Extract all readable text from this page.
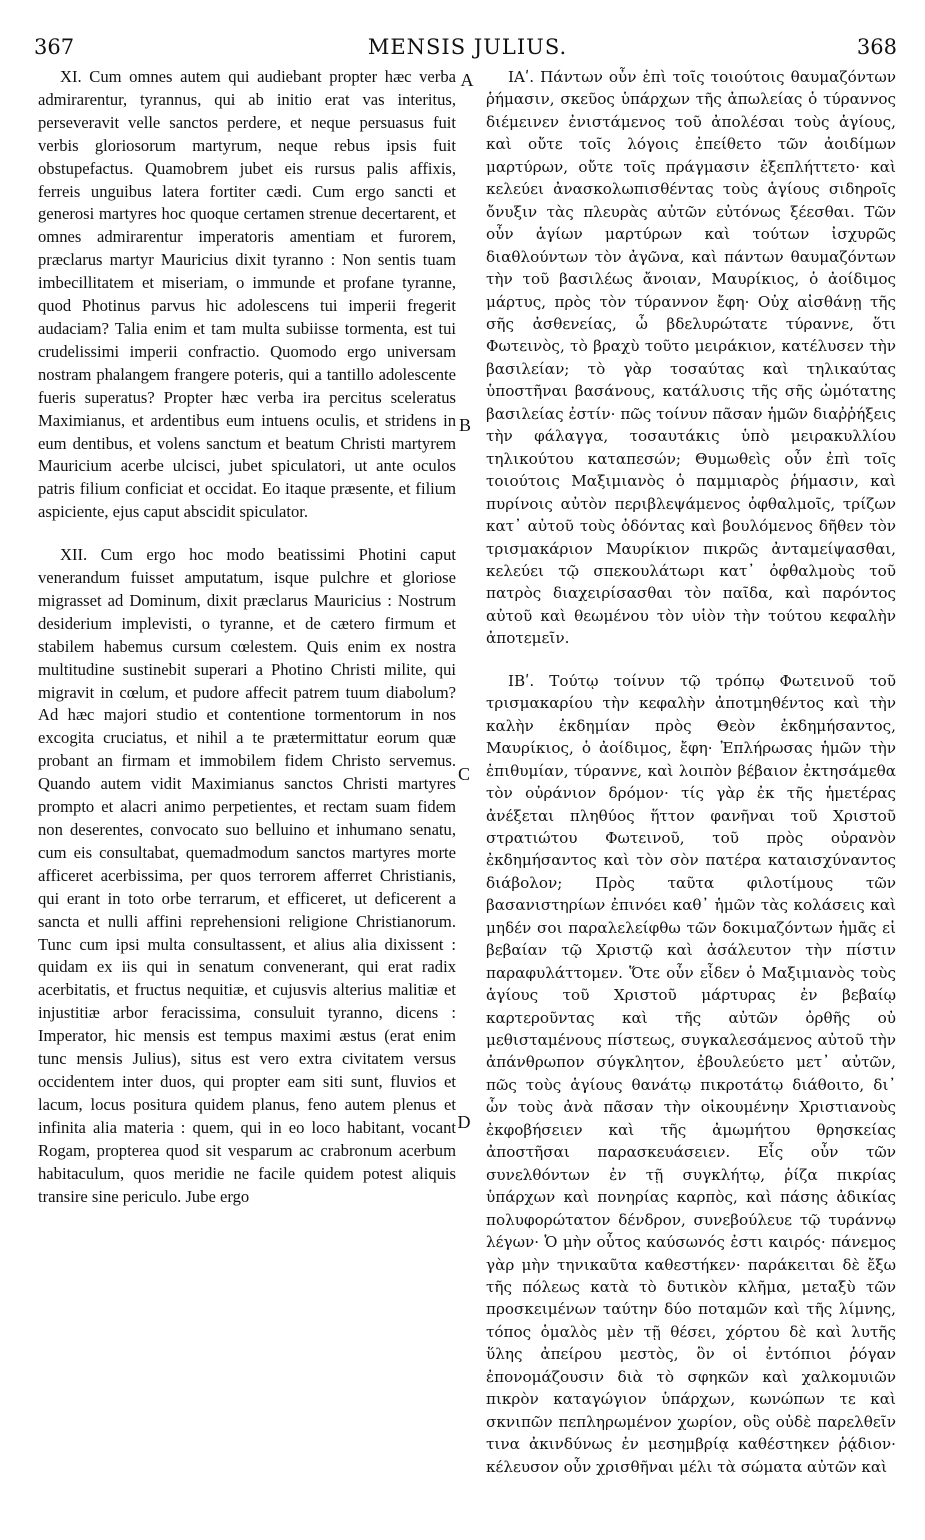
367	MENSIS JULIUS.	368

XI. Cum omnes autem qui audiebant propter hæc verba admirarentur, tyrannus, qui ab initio erat vas interitus, perseveravit velle sanctos perdere, et neque persuasus fuit verbis gloriosorum martyrum, neque rebus ipsis fuit obstupefactus. Quamobrem jubet eis rursus palis affixis, ferreis unguibus latera fortiter cædi. Cum ergo sancti et generosi martyres hoc quoque certamen strenue decertarent, et omnes admirarentur imperatoris amentiam et furorem, præclarus martyr Mauricius dixit tyranno : Non sentis tuam imbecillitatem et miseriam, o immunde et profane tyranne, quod Photinus parvus hic adolescens tui imperii fregerit audaciam? Talia enim et tam multa subiisse tormenta, est tui crudelissimi imperii confractio. Quomodo ergo universam nostram phalangem frangere poteris, qui a tantillo adolescente fueris superatus? Propter hæc verba ira percitus sceleratus Maximianus, et ardentibus eum intuens oculis, et stridens in eum dentibus, et volens sanctum et beatum Christi martyrem Mauricium acerbe ulcisci, jubet spiculatori, ut ante oculos patris filium conficiat et occidat. Eo itaque præsente, et filium aspiciente, ejus caput abscidit spiculator.

XII. Cum ergo hoc modo beatissimi Photini caput venerandum fuisset amputatum, isque pulchre et gloriose migrasset ad Dominum, dixit præclarus Mauricius : Nostrum desiderium implevisti, o tyranne, et de cætero firmum et stabilem habemus cursum cœlestem. Quis enim ex nostra multitudine sustinebit superari a Photino Christi milite, qui migravit in cœlum, et pudore affecit patrem tuum diabolum? Ad hæc majori studio et contentione tormentorum in nos excogita cruciatus, et nihil a te prætermittatur eorum quæ probant an firmam et immobilem fidem Christo servemus. Quando autem vidit Maximianus sanctos Christi martyres prompto et alacri animo perpetientes, et rectam suam fidem non deserentes, convocato suo belluino et inhumano senatu, cum eis consultabat, quemadmodum sanctos martyres morte afficeret acerbissima, per quos terrorem afferret Christianis, qui erant in toto orbe terrarum, et efficeret, ut deficerent a sancta et nulli affini reprehensioni religione Christianorum. Tunc cum ipsi multa consultassent, et alius alia dixissent : quidam ex iis qui in senatum convenerant, qui erat radix acerbitatis, et fructus nequitiæ, et cujusvis alterius malitiæ et injustitiæ arbor feracissima, consuluit tyranno, dicens : Imperator, hic mensis est tempus maximi æstus (erat enim tunc mensis Julius), situs est vero extra civitatem versus occidentem inter duos, qui propter eam siti sunt, fluvios et lacum, locus positura quidem planus, feno autem plenus et infinita alia materia : quem, qui in eo loco habitant, vocant Rogam, propterea quod sit vesparum ac crabronum acerbum habitaculum, quos meridie ne facile quidem potest aliquis transire sine periculo. Jube ergo

A
B
C
D

ΙΑʹ. Πάντων οὖν ἐπὶ τοῖς τοιούτοις θαυμαζόντων ῥήμασιν, σκεῦος ὑπάρχων τῆς ἀπωλείας ὁ τύραννος διέμεινεν ἐνιστάμενος τοῦ ἀπολέσαι τοὺς ἁγίους, καὶ οὔτε τοῖς λόγοις ἐπείθετο τῶν ἀοιδίμων μαρτύρων, οὔτε τοῖς πράγμασιν ἐξεπλήττετο· καὶ κελεύει ἀνασκολωπισθέντας τοὺς ἁγίους σιδηροῖς ὄνυξιν τὰς πλευρὰς αὐτῶν εὐτόνως ξέεσθαι. Τῶν οὖν ἁγίων μαρτύρων καὶ τούτων ἰσχυρῶς διαθλούντων τὸν ἀγῶνα, καὶ πάντων θαυμαζόντων τὴν τοῦ βασιλέως ἄνοιαν, Μαυρίκιος, ὁ ἀοίδιμος μάρτυς, πρὸς τὸν τύραννον ἔφη· Οὐχ αἰσθάνῃ τῆς σῆς ἀσθενείας, ὦ βδελυρώτατε τύραννε, ὅτι Φωτεινὸς, τὸ βραχὺ τοῦτο μειράκιον, κατέλυσεν τὴν βασιλείαν; τὸ γὰρ τοσαύτας καὶ τηλικαύτας ὑποστῆναι βασάνους, κατάλυσις τῆς σῆς ὠμότατης βασιλείας ἐστίν· πῶς τοίνυν πᾶσαν ἡμῶν διαῤῥήξεις τὴν φάλαγγα, τοσαυτάκις ὑπὸ μειρακυλλίου τηλικούτου καταπεσών; Θυμωθεὶς οὖν ἐπὶ τοῖς τοιούτοις Μαξιμιανὸς ὁ παμμιαρὸς ῥήμασιν, καὶ πυρίνοις αὐτὸν περιβλεψάμενος ὀφθαλμοῖς, τρίζων κατ᾿ αὐτοῦ τοὺς ὀδόντας καὶ βουλόμενος δῆθεν τὸν τρισμακάριον Μαυρίκιον πικρῶς ἀνταμείψασθαι, κελεύει τῷ σπεκουλάτωρι κατ᾿ ὀφθαλμοὺς τοῦ πατρὸς διαχειρίσασθαι τὸν παῖδα, καὶ παρόντος αὐτοῦ καὶ θεωμένου τὸν υἱὸν τὴν τούτου κεφαλὴν ἀποτεμεῖν.

ΙΒʹ. Τούτῳ τοίνυν τῷ τρόπῳ Φωτεινοῦ τοῦ τρισμακαρίου τὴν κεφαλὴν ἀποτμηθέντος καὶ τὴν καλὴν ἐκδημίαν πρὸς Θεὸν ἐκδημήσαντος, Μαυρίκιος, ὁ ἀοίδιμος, ἔφη· Ἐπλήρωσας ἡμῶν τὴν ἐπιθυμίαν, τύραννε, καὶ λοιπὸν βέβαιον ἐκτησάμεθα τὸν οὐράνιον δρόμον· τίς γὰρ ἐκ τῆς ἡμετέρας ἀνέξεται πληθύος ἥττον φανῆναι τοῦ Χριστοῦ στρατιώτου Φωτεινοῦ, τοῦ πρὸς οὐρανὸν ἐκδημήσαντος καὶ τὸν σὸν πατέρα καταισχύναντος διάβολον; Πρὸς ταῦτα φιλοτίμους τῶν βασανιστηρίων ἐπινόει καθ᾿ ἡμῶν τὰς κολάσεις καὶ μηδέν σοι παραλελείφθω τῶν δοκιμαζόντων ἡμᾶς εἰ βεβαίαν τῷ Χριστῷ καὶ ἀσάλευτον τὴν πίστιν παραφυλάττομεν. Ὅτε οὖν εἶδεν ὁ Μαξιμιανὸς τοὺς ἁγίους τοῦ Χριστοῦ μάρτυρας ἐν βεβαίῳ καρτεροῦντας καὶ τῆς αὐτῶν ὀρθῆς οὐ μεθισταμένους πίστεως, συγκαλεσάμενος αὐτοῦ τὴν ἀπάνθρωπον σύγκλητον, ἐβουλεύετο μετ᾿ αὐτῶν, πῶς τοὺς ἁγίους θανάτῳ πικροτάτῳ διάθοιτο, δι᾿ ὧν τοὺς ἀνὰ πᾶσαν τὴν οἰκουμένην Χριστιανοὺς ἐκφοβήσειεν καὶ τῆς ἀμωμήτου θρησκείας ἀποστῆσαι παρασκευάσειεν. Εἷς οὖν τῶν συνελθόντων ἐν τῇ συγκλήτῳ, ῥίζα πικρίας ὑπάρχων καὶ πονηρίας καρπὸς, καὶ πάσης ἀδικίας πολυφορώτατον δένδρον, συνεβούλευε τῷ τυράννῳ λέγων· Ὁ μὴν οὗτος καύσωνός ἐστι καιρός· πάνεμος γὰρ μὴν τηνικαῦτα καθεστήκεν· παράκειται δὲ ἔξω τῆς πόλεως κατὰ τὸ δυτικὸν κλῆμα, μεταξὺ τῶν προσκειμένων ταύτην δύο ποταμῶν καὶ τῆς λίμνης, τόπος ὁμαλὸς μὲν τῇ θέσει, χόρτου δὲ καὶ λυτῆς ὕλης ἀπείρου μεστὸς, ὃν οἱ ἐντόπιοι ῥόγαν ἐπονομάζουσιν διὰ τὸ σφηκῶν καὶ χαλκομυιῶν πικρὸν καταγώγιον ὑπάρχων, κωνώπων τε καὶ σκνιπῶν πεπληρωμένον χωρίον, οὓς οὐδὲ παρελθεῖν τινα ἀκινδύνως ἐν μεσημβρίᾳ καθέστηκεν ῥᾴδιον· κέλευσον οὖν χρισθῆναι μέλι τὰ σώματα αὐτῶν καὶ
